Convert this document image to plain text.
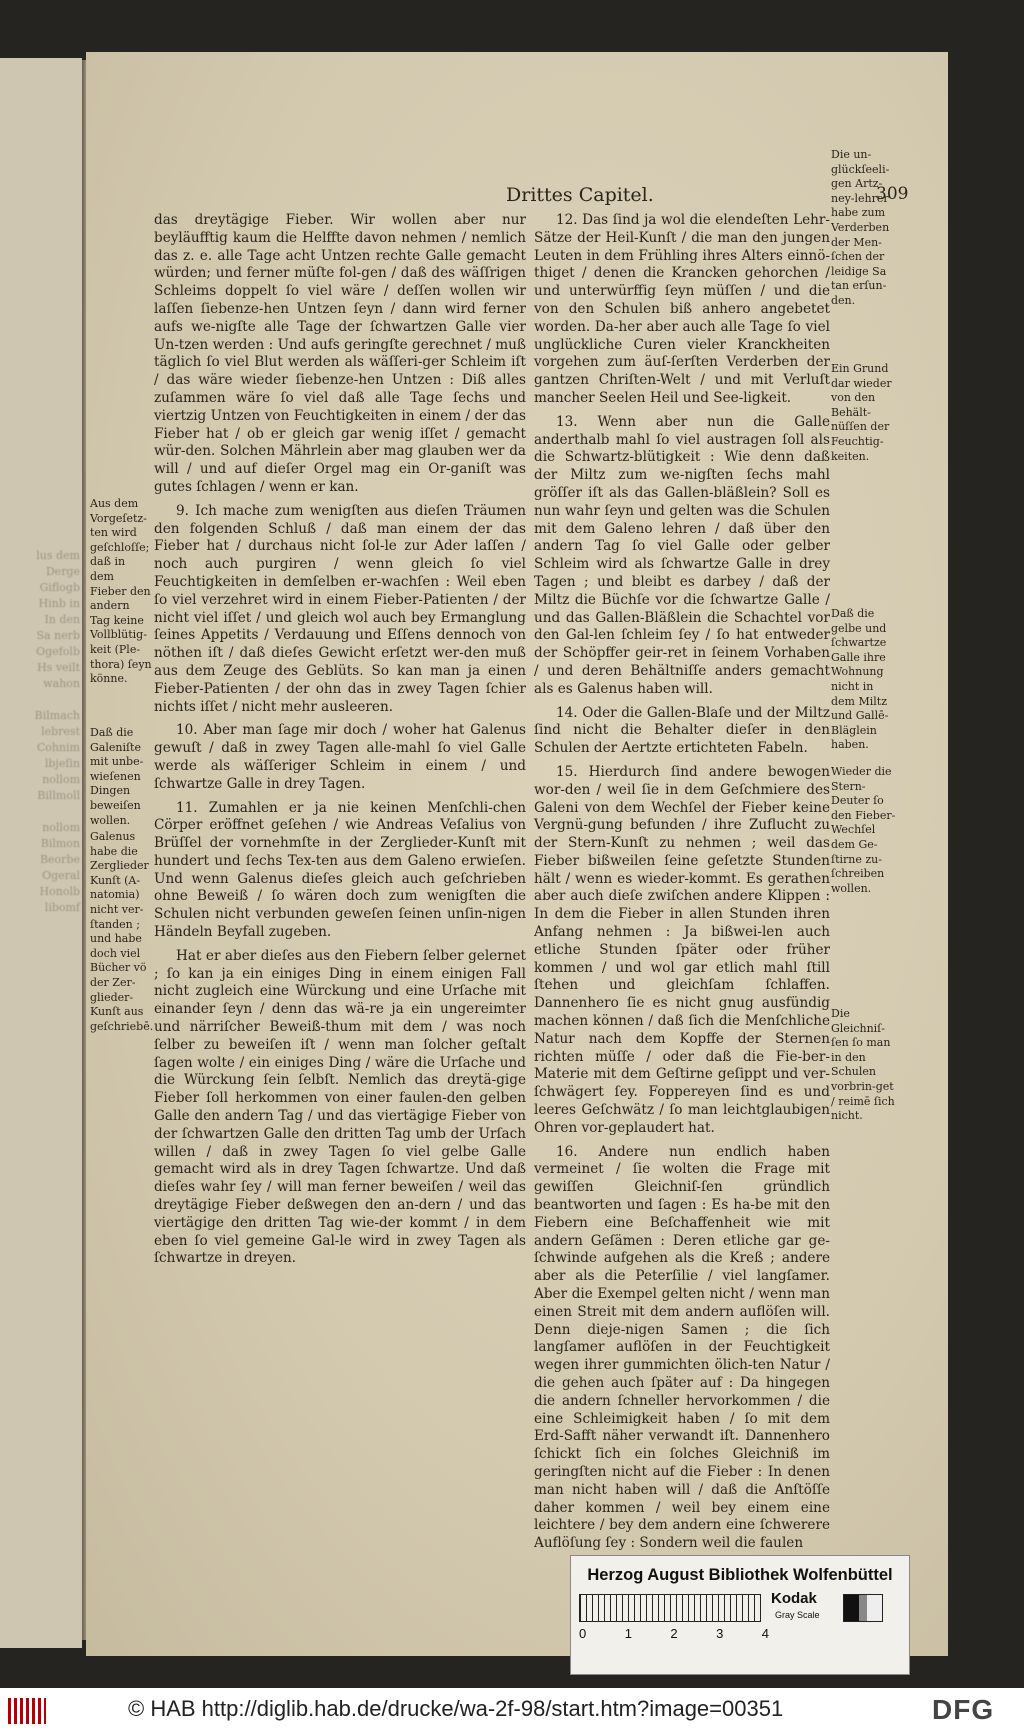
lus dem
Derge
Giflogb
Hinb in
In den
Sa nerb
Ogefolb
Hs veilt
wahon

Bilmach
lebrest
Cohnim
lbjeſin
nollom
Billmoll

nollom
Bilmon
Beorbe
Ogeral
Honolb
libomf
Drittes Capitel.	309
Aus dem Vorgeſetz-ten wird geſchloſſe; daß in dem Fieber den andern Tag keine Vollblütig-keit (Ple-thora) ſeyn könne.
Daß die Galeniſte mit unbe-wieſenen Dingen beweiſen wollen.
Galenus habe die Zerglieder Kunſt (A-natomia) nicht ver-ſtanden ; und habe doch viel Bücher vö der Zer-glieder-Kunſt aus geſchriebē.

das dreytägige Fieber. Wir wollen aber nur beyläufftig kaum die Helffte davon nehmen / nemlich das z. e. alle Tage acht Untzen rechte Galle gemacht würden; und ferner müſte fol-gen / daß des wäſſrigen Schleims doppelt ſo viel wäre / deſſen wollen wir laſſen ſiebenze-hen Untzen ſeyn / dann wird ferner aufs we-nigſte alle Tage der ſchwartzen Galle vier Un-tzen werden : Und aufs geringſte gerechnet / muß täglich ſo viel Blut werden als wäſſeri-ger Schleim iſt / das wäre wieder ſiebenze-hen Untzen : Diß alles zuſammen wäre ſo viel daß alle Tage ſechs und viertzig Untzen von Feuchtigkeiten in einem / der das Fieber hat / ob er gleich gar wenig iſſet / gemacht wür-den. Solchen Mährlein aber mag glauben wer da will / und auf dieſer Orgel mag ein Or-ganiſt was gutes ſchlagen / wenn er kan.

9. Ich mache zum wenigſten aus dieſen Träumen den folgenden Schluß / daß man einem der das Fieber hat / durchaus nicht ſol-le zur Ader laſſen / noch auch purgiren / wenn gleich ſo viel Feuchtigkeiten in demſelben er-wachſen : Weil eben ſo viel verzehret wird in einem Fieber-Patienten / der nicht viel iſſet / und gleich wol auch bey Ermanglung ſeines Appetits / Verdauung und Eſſens dennoch von nöthen iſt / daß dieſes Gewicht erſetzt wer-den muß aus dem Zeuge des Geblüts. So kan man ja einen Fieber-Patienten / der ohn das in zwey Tagen ſchier nichts iſſet / nicht mehr ausleeren.

10. Aber man ſage mir doch / woher hat Galenus gewuſt / daß in zwey Tagen alle-mahl ſo viel Galle werde als wäſſeriger Schleim in einem / und ſchwartze Galle in drey Tagen.

11. Zumahlen er ja nie keinen Menſchli-chen Cörper eröffnet geſehen / wie Andreas Veſalius von Brüſſel der vornehmſte in der Zerglieder-Kunſt mit hundert und ſechs Tex-ten aus dem Galeno erwieſen. Und wenn Galenus dieſes gleich auch geſchrieben ohne Beweiß / ſo wären doch zum wenigſten die Schulen nicht verbunden geweſen ſeinen unſin-nigen Händeln Beyfall zugeben.

Hat er aber dieſes aus den Fiebern ſelber gelernet ; ſo kan ja ein einiges Ding in einem einigen Fall nicht zugleich eine Würckung und eine Urſache mit einander ſeyn / denn das wä-re ja ein ungereimter und närriſcher Beweiß-thum mit dem / was noch ſelber zu beweiſen iſt / wenn man ſolcher geſtalt ſagen wolte / ein einiges Ding / wäre die Urſache und die Würckung ſein ſelbſt. Nemlich das dreytä-gige Fieber ſoll herkommen von einer faulen-den gelben Galle den andern Tag / und das viertägige Fieber von der ſchwartzen Galle den dritten Tag umb der Urſach willen / daß in zwey Tagen ſo viel gelbe Galle gemacht wird als in drey Tagen ſchwartze. Und daß dieſes wahr ſey / will man ferner beweiſen / weil das dreytägige Fieber deßwegen den an-dern / und das viertägige den dritten Tag wie-der kommt / in dem eben ſo viel gemeine Gal-le wird in zwey Tagen als ſchwartze in dreyen.

12. Das ſind ja wol die elendeſten Lehr-Sätze der Heil-Kunſt / die man den jungen Leuten in dem Frühling ihres Alters einnö-thiget / denen die Krancken gehorchen / und unterwürffig ſeyn müſſen / und die von den Schulen biß anhero angebetet worden. Da-her aber auch alle Tage ſo viel unglückliche Curen vieler Kranckheiten vorgehen zum äuſ-ſerſten Verderben der gantzen Chriſten-Welt / und mit Verluſt mancher Seelen Heil und See-ligkeit.

13. Wenn aber nun die Galle anderthalb mahl ſo viel austragen ſoll als die Schwartz-blütigkeit : Wie denn daß der Miltz zum we-nigſten ſechs mahl gröſſer iſt als das Gallen-bläßlein? Soll es nun wahr ſeyn und gelten was die Schulen mit dem Galeno lehren / daß über den andern Tag ſo viel Galle oder gelber Schleim wird als ſchwartze Galle in drey Tagen ; und bleibt es darbey / daß der Miltz die Büchſe vor die ſchwartze Galle / und das Gallen-Bläßlein die Schachtel vor den Gal-len ſchleim ſey / ſo hat entweder der Schöpffer geir-ret in ſeinem Vorhaben / und deren Behältniſſe anders gemacht als es Galenus haben will.

14. Oder die Gallen-Blaſe und der Miltz ſind nicht die Behalter dieſer in den Schulen der Aertzte ertichteten Fabeln.

15. Hierdurch ſind andere bewogen wor-den / weil ſie in dem Geſchmiere des Galeni von dem Wechſel der Fieber keine Vergnü-gung befunden / ihre Zuflucht zu der Stern-Kunſt zu nehmen ; weil das Fieber bißweilen ſeine geſetzte Stunden hält / wenn es wieder-kommt. Es gerathen aber auch dieſe zwiſchen andere Klippen : In dem die Fieber in allen Stunden ihren Anfang nehmen : Ja bißwei-len auch etliche Stunden ſpäter oder früher kommen / und wol gar etlich mahl ſtill ſtehen und gleichſam ſchlaffen. Dannenhero ſie es nicht gnug ausfündig machen können / daß ſich die Menſchliche Natur nach dem Kopffe der Sternen richten müſſe / oder daß die Fie-ber-Materie mit dem Geſtirne geſippt und ver-ſchwägert ſey. Foppereyen ſind es und leeres Geſchwätz / ſo man leichtglaubigen Ohren vor-geplaudert hat.

16. Andere nun endlich haben vermeinet / ſie wolten die Frage mit gewiſſen Gleichniſ-ſen gründlich beantworten und ſagen : Es ha-be mit den Fiebern eine Beſchaffenheit wie mit andern Geſämen : Deren etliche gar ge-ſchwinde aufgehen als die Kreß ; andere aber als die Peterſilie / viel langſamer. Aber die Exempel gelten nicht / wenn man einen Streit mit dem andern auflöſen will. Denn dieje-nigen Samen ; die ſich langſamer auflöſen in der Feuchtigkeit wegen ihrer gummichten ölich-ten Natur / die gehen auch ſpäter auf : Da hingegen die andern ſchneller hervorkommen / die eine Schleimigkeit haben / ſo mit dem Erd-Safft näher verwandt iſt. Dannenhero ſchickt ſich ein ſolches Gleichniß im geringſten nicht auf die Fieber : In denen man nicht haben will / daß die Anſtöſſe daher kommen / weil bey einem eine leichtere / bey dem andern eine ſchwerere Auflöſung ſey : Sondern weil die faulen

Die un-glückſeeli-gen Artz-ney-lehrer habe zum Verderben der Men-ſchen der leidige Sa tan erſun-den.
Ein Grund dar wieder von den Behält-nüſſen der Feuchtig-keiten.
Daß die gelbe und ſchwartze Galle ihre Wohnung nicht in dem Miltz und Gallē-Bläglein haben.
Wieder die Stern-Deuter ſo den Fieber-Wechſel dem Ge-ſtirne zu-ſchreiben wollen.
Die Gleichniſ-ſen ſo man in den Schulen vorbrin-get / reimē ſich nicht.
Herzog August Bibliothek Wolfenbüttel
0	1	2	3	4
Kodak
Gray Scale
© HAB http://diglib.hab.de/drucke/wa-2f-98/start.htm?image=00351	DFG
